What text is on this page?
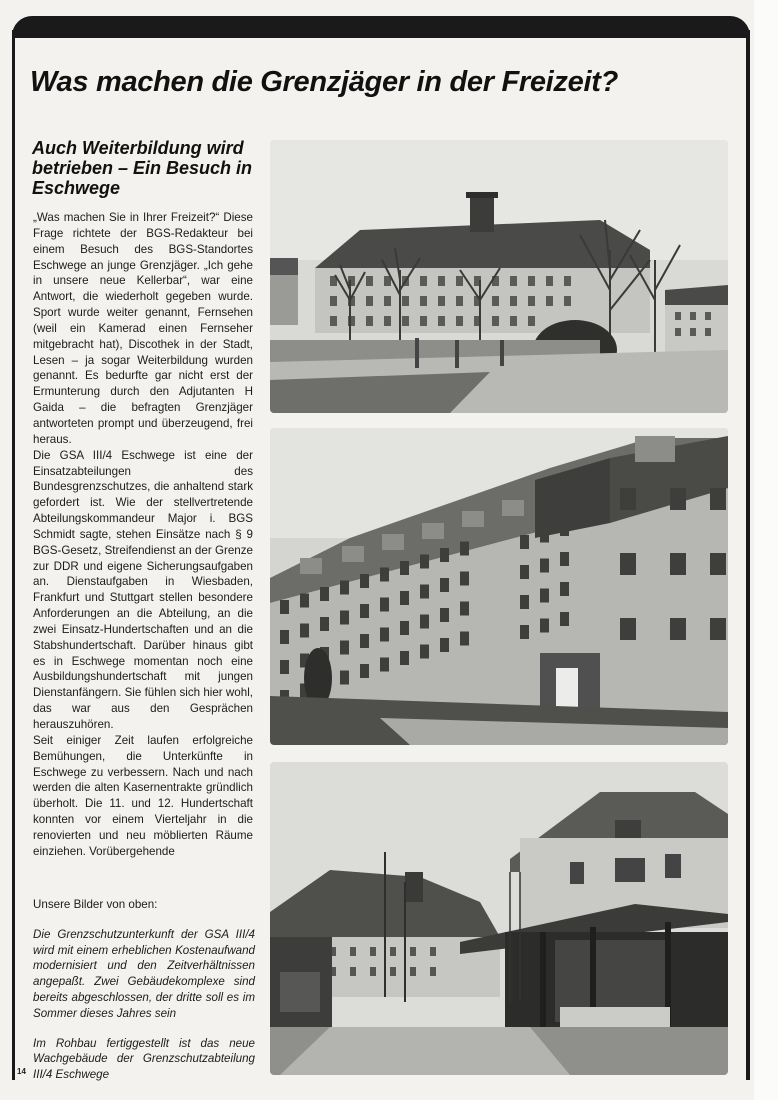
Was machen die Grenzjäger in der Freizeit?
Auch Weiterbildung wird betrieben – Ein Besuch in Eschwege

„Was machen Sie in Ihrer Freizeit?“ Diese Frage richtete der BGS-Redakteur bei einem Besuch des BGS-Standortes Eschwege an junge Grenzjäger. „Ich gehe in unsere neue Kellerbar“, war eine Antwort, die wiederholt gegeben wurde. Sport wurde weiter genannt, Fernsehen (weil ein Kamerad einen Fernseher mitgebracht hat), Discothek in der Stadt, Lesen – ja sogar Weiterbildung wurden genannt. Es bedurfte gar nicht erst der Ermunterung durch den Adjutanten H Gaida – die befragten Grenzjäger antworteten prompt und überzeugend, frei heraus.

Die GSA III/4 Eschwege ist eine der Einsatzabteilungen des Bundesgrenzschutzes, die anhaltend stark gefordert ist. Wie der stellvertretende Abteilungskommandeur Major i. BGS Schmidt sagte, stehen Einsätze nach § 9 BGS-Gesetz, Streifendienst an der Grenze zur DDR und eigene Sicherungsaufgaben an. Dienstaufgaben in Wiesbaden, Frankfurt und Stuttgart stellen besondere Anforderungen an die Abteilung, an die zwei Einsatz-Hundertschaften und an die Stabshundertschaft. Darüber hinaus gibt es in Eschwege momentan noch eine Ausbildungshundertschaft mit jungen Dienstanfängern. Sie fühlen sich hier wohl, das war aus den Gesprächen herauszuhören.

Seit einiger Zeit laufen erfolgreiche Bemühungen, die Unterkünfte in Eschwege zu verbessern. Nach und nach werden die alten Kasernentrakte gründlich überholt. Die 11. und 12. Hundertschaft konnten vor einem Vierteljahr in die renovierten und neu möblierten Räume einziehen. Vorübergehende

Unsere Bilder von oben:

Die Grenzschutzunterkunft der GSA III/4 wird mit einem erheblichen Kostenaufwand modernisiert und den Zeitverhältnissen angepaßt. Zwei Gebäudekomplexe sind bereits abgeschlossen, der dritte soll es im Sommer dieses Jahres sein

Im Rohbau fertiggestellt ist das neue Wachgebäude der Grenzschutzabteilung III/4 Eschwege

14
